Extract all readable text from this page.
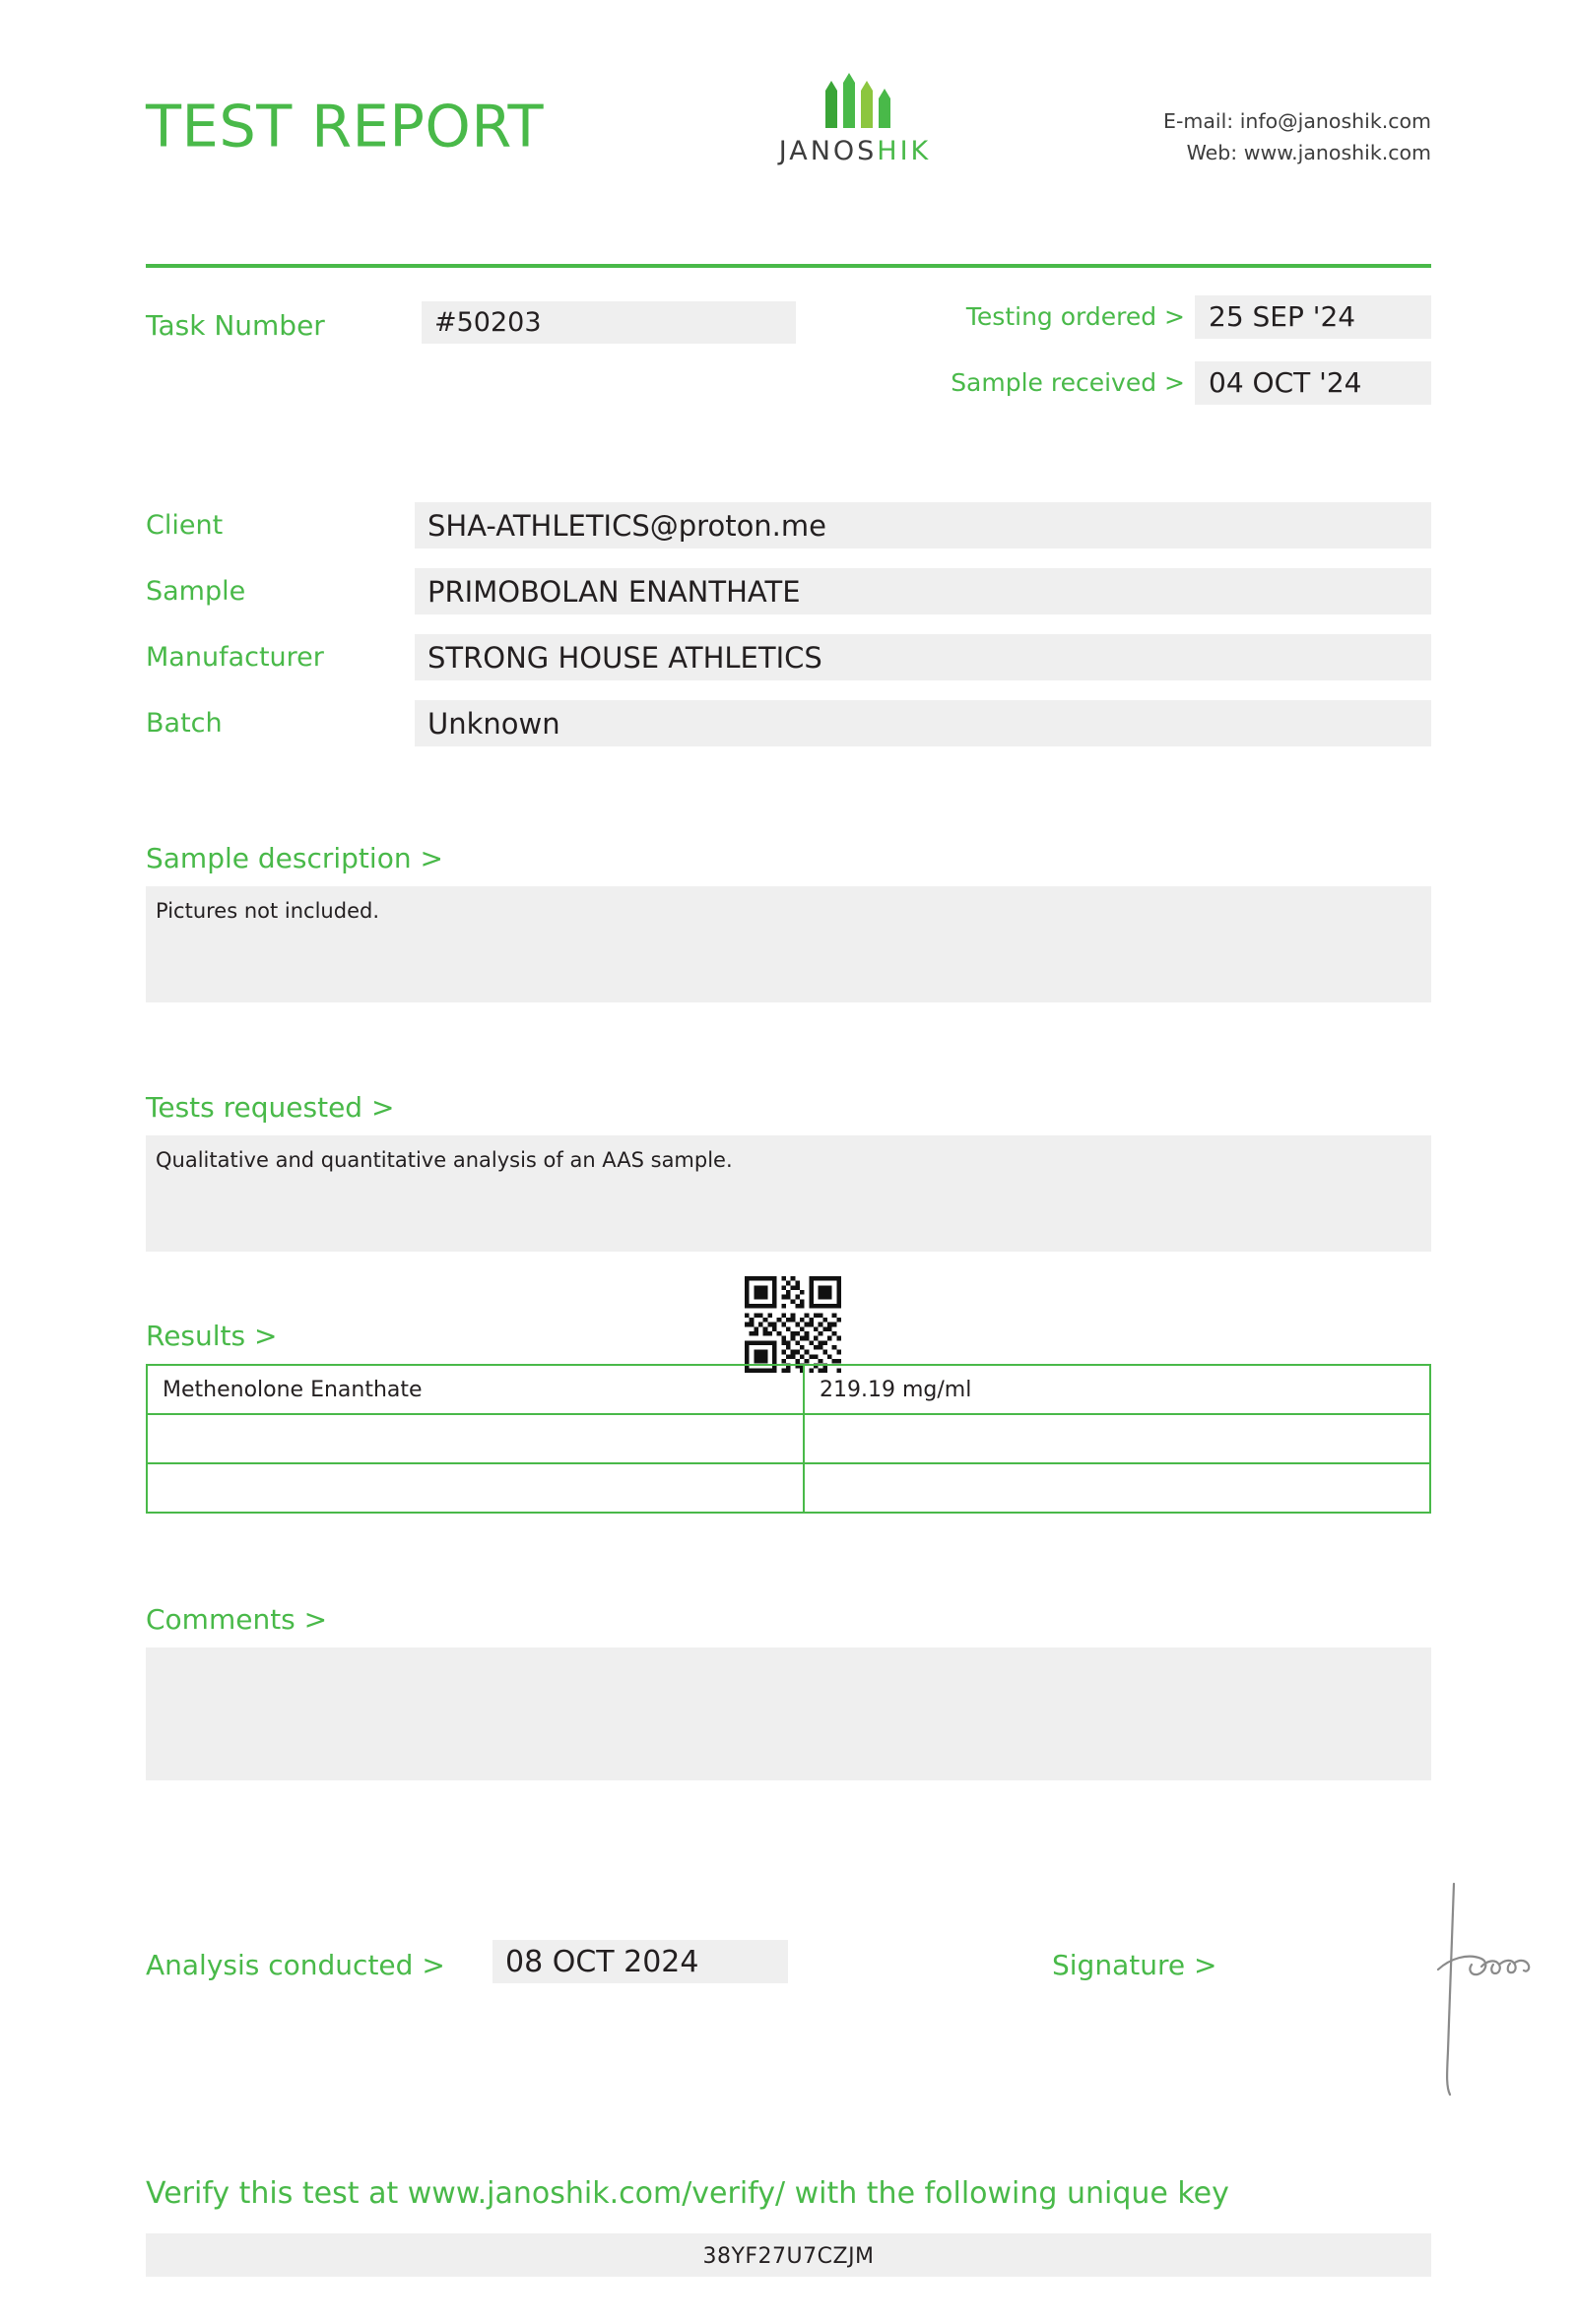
TEST REPORT	JANOSHIK
E-mail: info@janoshik.com
Web: www.janoshik.com
Task Number	#50203	Testing ordered > 25 SEP '24
Sample received > 04 OCT '24
Client	SHA-ATHLETICS@proton.me
Sample	PRIMOBOLAN ENANTHATE
Manufacturer	STRONG HOUSE ATHLETICS
Batch	Unknown
Sample description >
Pictures not included.
Tests requested >
Qualitative and quantitative analysis of an AAS sample.
Results >
Methenolone Enanthate	219.19 mg/ml

Comments >
Analysis conducted >	08 OCT 2024	Signature >
Verify this test at www.janoshik.com/verify/ with the following unique key
38YF27U7CZJM
